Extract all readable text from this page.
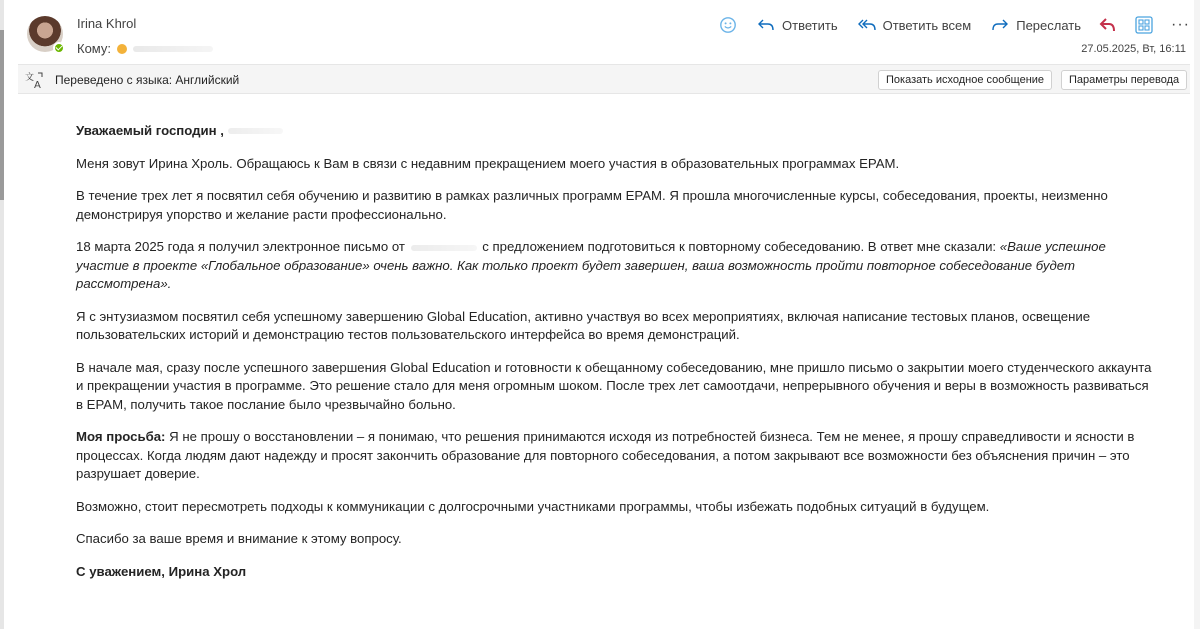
Irina Khrol
Кому:
Ответить	Ответить всем	Переслать	···
27.05.2025, Вт, 16:11
文
A Переведено с языка: Английский	Показать исходное сообщение	Параметры перевода

Уважаемый господин ,

Меня зовут Ирина Хроль. Обращаюсь к Вам в связи с недавним прекращением моего участия в образовательных программах EPAM.

В течение трех лет я посвятил себя обучению и развитию в рамках различных программ EPAM. Я прошла многочисленные курсы, собеседования, проекты, неизменно демонстрируя упорство и желание расти профессионально.

18 марта 2025 года я получил электронное письмо от	с предложением подготовиться к повторному собеседованию. В ответ мне сказали: «Ваше успешное участие в проекте «Глобальное образование» очень важно. Как только проект будет завершен, ваша возможность пройти повторное собеседование будет рассмотрена».

Я с энтузиазмом посвятил себя успешному завершению Global Education, активно участвуя во всех мероприятиях, включая написание тестовых планов, освещение пользовательских историй и демонстрацию тестов пользовательского интерфейса во время демонстраций.

В начале мая, сразу после успешного завершения Global Education и готовности к обещанному собеседованию, мне пришло письмо о закрытии моего студенческого аккаунта и прекращении участия в программе. Это решение стало для меня огромным шоком. После трех лет самоотдачи, непрерывного обучения и веры в возможность развиваться в EPAM, получить такое послание было чрезвычайно больно.

Моя просьба: Я не прошу о восстановлении – я понимаю, что решения принимаются исходя из потребностей бизнеса. Тем не менее, я прошу справедливости и ясности в процессах. Когда людям дают надежду и просят закончить образование для повторного собеседования, а потом закрывают все возможности без объяснения причин – это разрушает доверие.

Возможно, стоит пересмотреть подходы к коммуникации с долгосрочными участниками программы, чтобы избежать подобных ситуаций в будущем.

Спасибо за ваше время и внимание к этому вопросу.

С уважением, Ирина Хрол
